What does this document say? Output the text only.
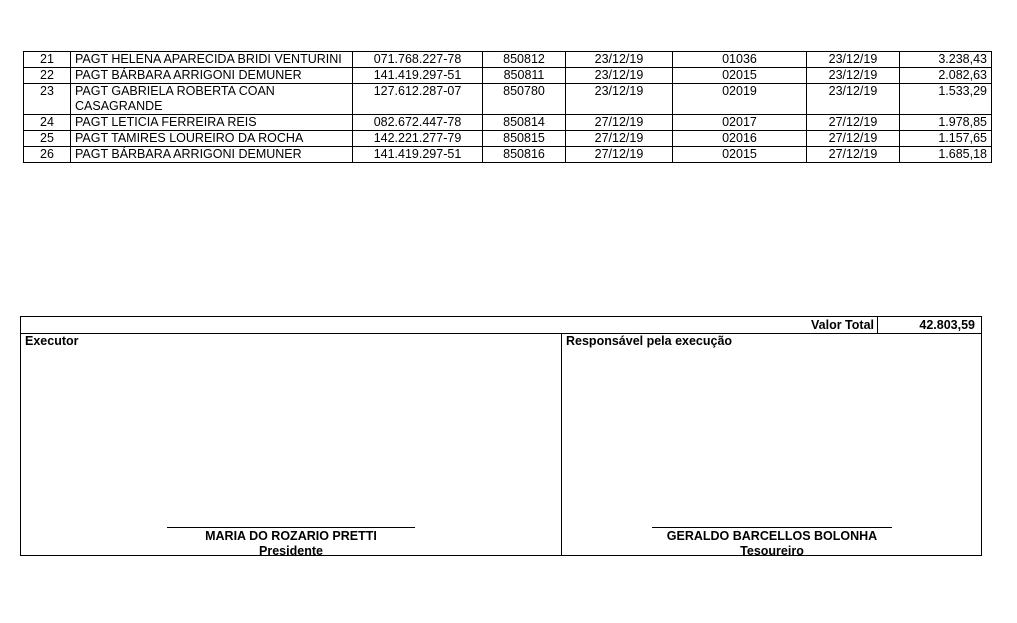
21	PAGT HELENA APARECIDA BRIDI VENTURINI	071.768.227-78	850812	23/12/19	01036	23/12/19	3.238,43
22	PAGT BÁRBARA ARRIGONI DEMUNER	141.419.297-51	850811	23/12/19	02015	23/12/19	2.082,63
23	PAGT GABRIELA ROBERTA COAN CASAGRANDE	127.612.287-07	850780	23/12/19	02019	23/12/19	1.533,29
24	PAGT LETICIA FERREIRA REIS	082.672.447-78	850814	27/12/19	02017	27/12/19	1.978,85
25	PAGT TAMIRES LOUREIRO DA ROCHA	142.221.277-79	850815	27/12/19	02016	27/12/19	1.157,65
26	PAGT BÁRBARA ARRIGONI DEMUNER	141.419.297-51	850816	27/12/19	02015	27/12/19	1.685,18
Valor Total	42.803,59
Executor	Responsável pela execução
MARIA DO ROZARIO PRETTI
Presidente
GERALDO BARCELLOS BOLONHA
Tesoureiro
